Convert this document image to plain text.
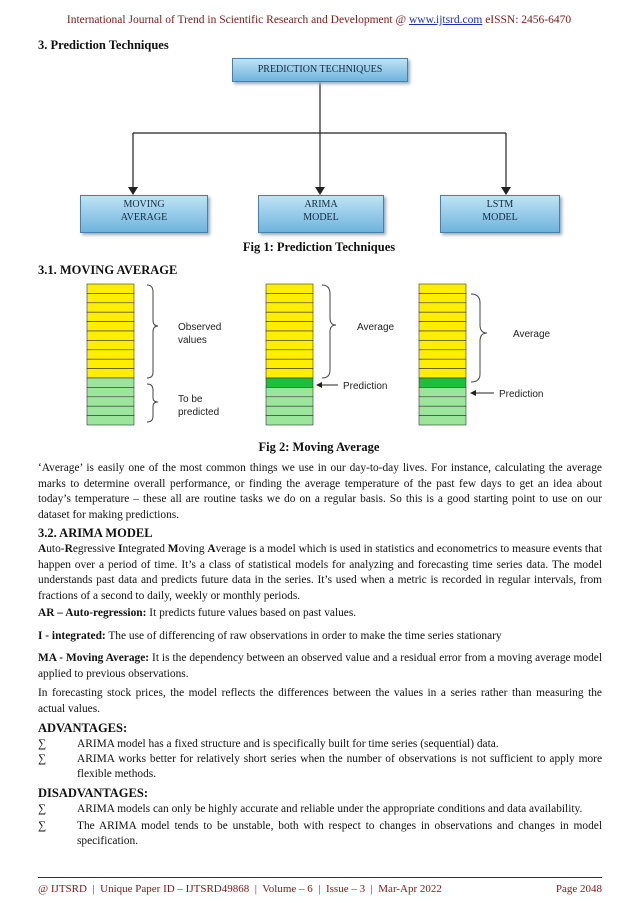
International Journal of Trend in Scientific Research and Development @ www.ijtsrd.com eISSN: 2456-6470
3. Prediction Techniques
PREDICTION TECHNIQUES
MOVING
AVERAGE
ARIMA
MODEL
LSTM
MODEL
Fig 1: Prediction Techniques
3.1. MOVING AVERAGE
Observed
values
To be
predicted
Average
Prediction
Average
Prediction
Fig 2: Moving Average
‘Average’ is easily one of the most common things we use in our day-to-day lives. For instance, calculating the average marks to determine overall performance, or finding the average temperature of the past few days to get an idea about today’s temperature – these all are routine tasks we do on a regular basis. So this is a good starting point to use on our dataset for making predictions.
3.2. ARIMA MODEL
Auto-Regressive Integrated Moving Average is a model which is used in statistics and econometrics to measure events that happen over a period of time. It’s a class of statistical models for analyzing and forecasting time series data. The model understands past data and predicts future data in the series. It’s used when a metric is recorded in regular intervals, from fractions of a second to daily, weekly or monthly periods.
AR – Auto-regression: It predicts future values based on past values.
I - integrated: The use of differencing of raw observations in order to make the time series stationary
MA - Moving Average: It is the dependency between an observed value and a residual error from a moving average model applied to previous observations.
In forecasting stock prices, the model reflects the differences between the values in a series rather than measuring the actual values.
ADVANTAGES:
∑	ARIMA model has a fixed structure and is specifically built for time series (sequential) data.
∑	ARIMA works better for relatively short series when the number of observations is not sufficient to apply more flexible methods.
DISADVANTAGES:
∑	ARIMA models can only be highly accurate and reliable under the appropriate conditions and data availability.
∑	The ARIMA model tends to be unstable, both with respect to changes in observations and changes in model specification.
@ IJTSRD  |  Unique Paper ID – IJTSRD49868  |  Volume – 6  |  Issue – 3  |  Mar-Apr 2022	Page 2048
